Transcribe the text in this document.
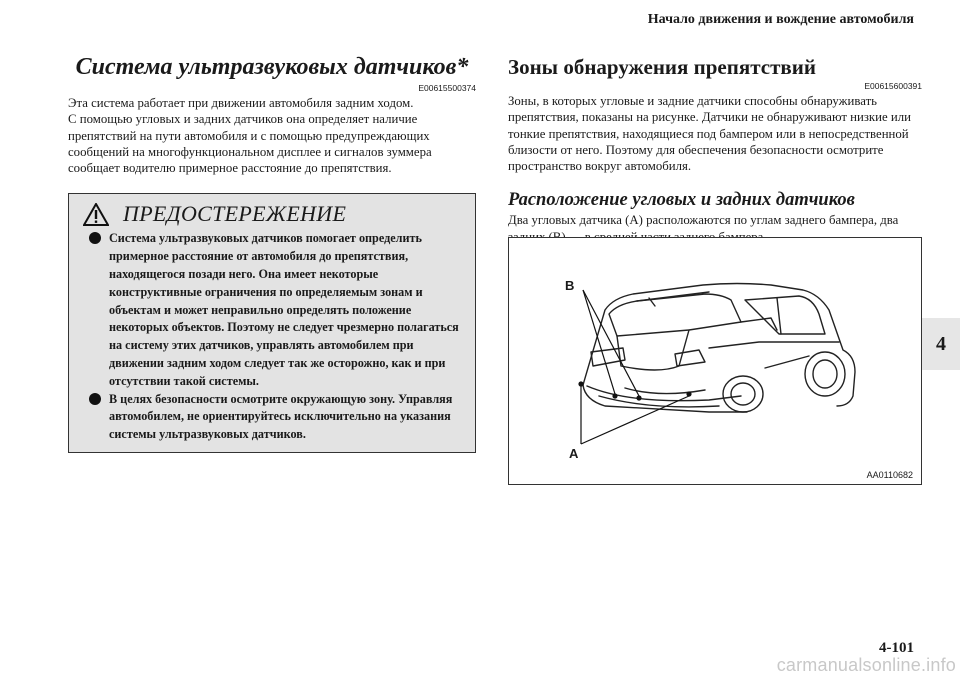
Начало движения и вождение автомобиля
4
Система ультразвуковых датчиков*
E00615500374

Эта система работает при движении автомобиля задним ходом.
С помощью угловых и задних датчиков она определяет наличие препятствий на пути автомобиля и с помощью предупреждающих сообщений на многофункциональном дисплее и сигналов зуммера сообщает водителю примерное расстояние до препятствия.

ПРЕДОСТЕРЕЖЕНИЕ
Система ультразвуковых датчиков помогает определить примерное расстояние от автомобиля до препятствия, находящегося позади него. Она имеет некоторые конструктивные ограничения по определяемым зонам и объектам и может неправильно определять положение некоторых объектов. Поэтому не следует чрезмерно полагаться на систему этих датчиков, управлять автомобилем при движении задним ходом следует так же осторожно, как и при отсутствии такой системы.
В целях безопасности осмотрите окружающую зону. Управляя автомобилем, не ориентируйтесь исключительно на указания системы ультразвуковых датчиков.
Зоны обнаружения препятствий
E00615600391

Зоны, в которых угловые и задние датчики способны обнаруживать препятствия, показаны на рисунке. Датчики не обнаруживают низкие или тонкие препятствия, находящиеся под бампером или в непосредственной близости от него. Поэтому для обеспечения безопасности осмотрите пространство вокруг автомобиля.

Расположение угловых и задних датчиков

Два угловых датчика (A) расположаются по углам заднего бампера, два

B
A
AA0110682
4-101
carmanualsonline.info
